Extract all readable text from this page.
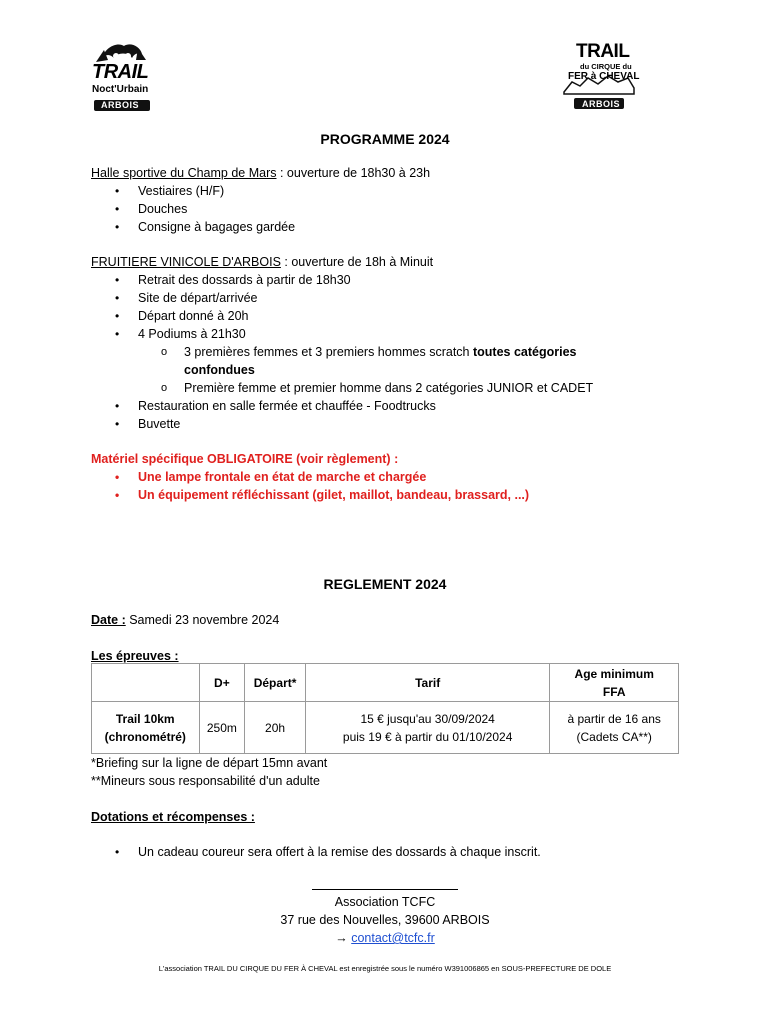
TRAIL
Noct'Urbain
ARBOIS
TRAIL
du CIRQUE du
FER à CHEVAL
ARBOIS
PROGRAMME 2024
Halle sportive du Champ de Mars : ouverture de 18h30 à 23h
• Vestiaires (H/F)
• Douches
• Consigne à bagages gardée
FRUITIERE VINICOLE D'ARBOIS : ouverture de 18h à Minuit
• Retrait des dossards à partir de 18h30
• Site de départ/arrivée
• Départ donné à 20h
• 4 Podiums à 21h30
o 3 premières femmes et 3 premiers hommes scratch toutes catégories
confondues
o Première femme et premier homme dans 2 catégories JUNIOR et CADET
• Restauration en salle fermée et chauffée - Foodtrucks
• Buvette
Matériel spécifique OBLIGATOIRE (voir règlement) :
• Une lampe frontale en état de marche et chargée
• Un équipement réfléchissant (gilet, maillot, bandeau, brassard, ...)
REGLEMENT 2024
Date : Samedi 23 novembre 2024
Les épreuves :
	D+	Départ*	Tarif	Age minimum
FFA
Trail 10km
(chronométré)	250m	20h	15 € jusqu'au 30/09/2024
puis 19 € à partir du 01/10/2024	à partir de 16 ans
(Cadets CA**)
*Briefing sur la ligne de départ 15mn avant
**Mineurs sous responsabilité d'un adulte
Dotations et récompenses :
• Un cadeau coureur sera offert à la remise des dossards à chaque inscrit.
Association TCFC
37 rue des Nouvelles, 39600 ARBOIS
→ contact@tcfc.fr
L'association TRAIL DU CIRQUE DU FER À CHEVAL est enregistrée sous le numéro W391006865 en SOUS-PREFECTURE DE DOLE
